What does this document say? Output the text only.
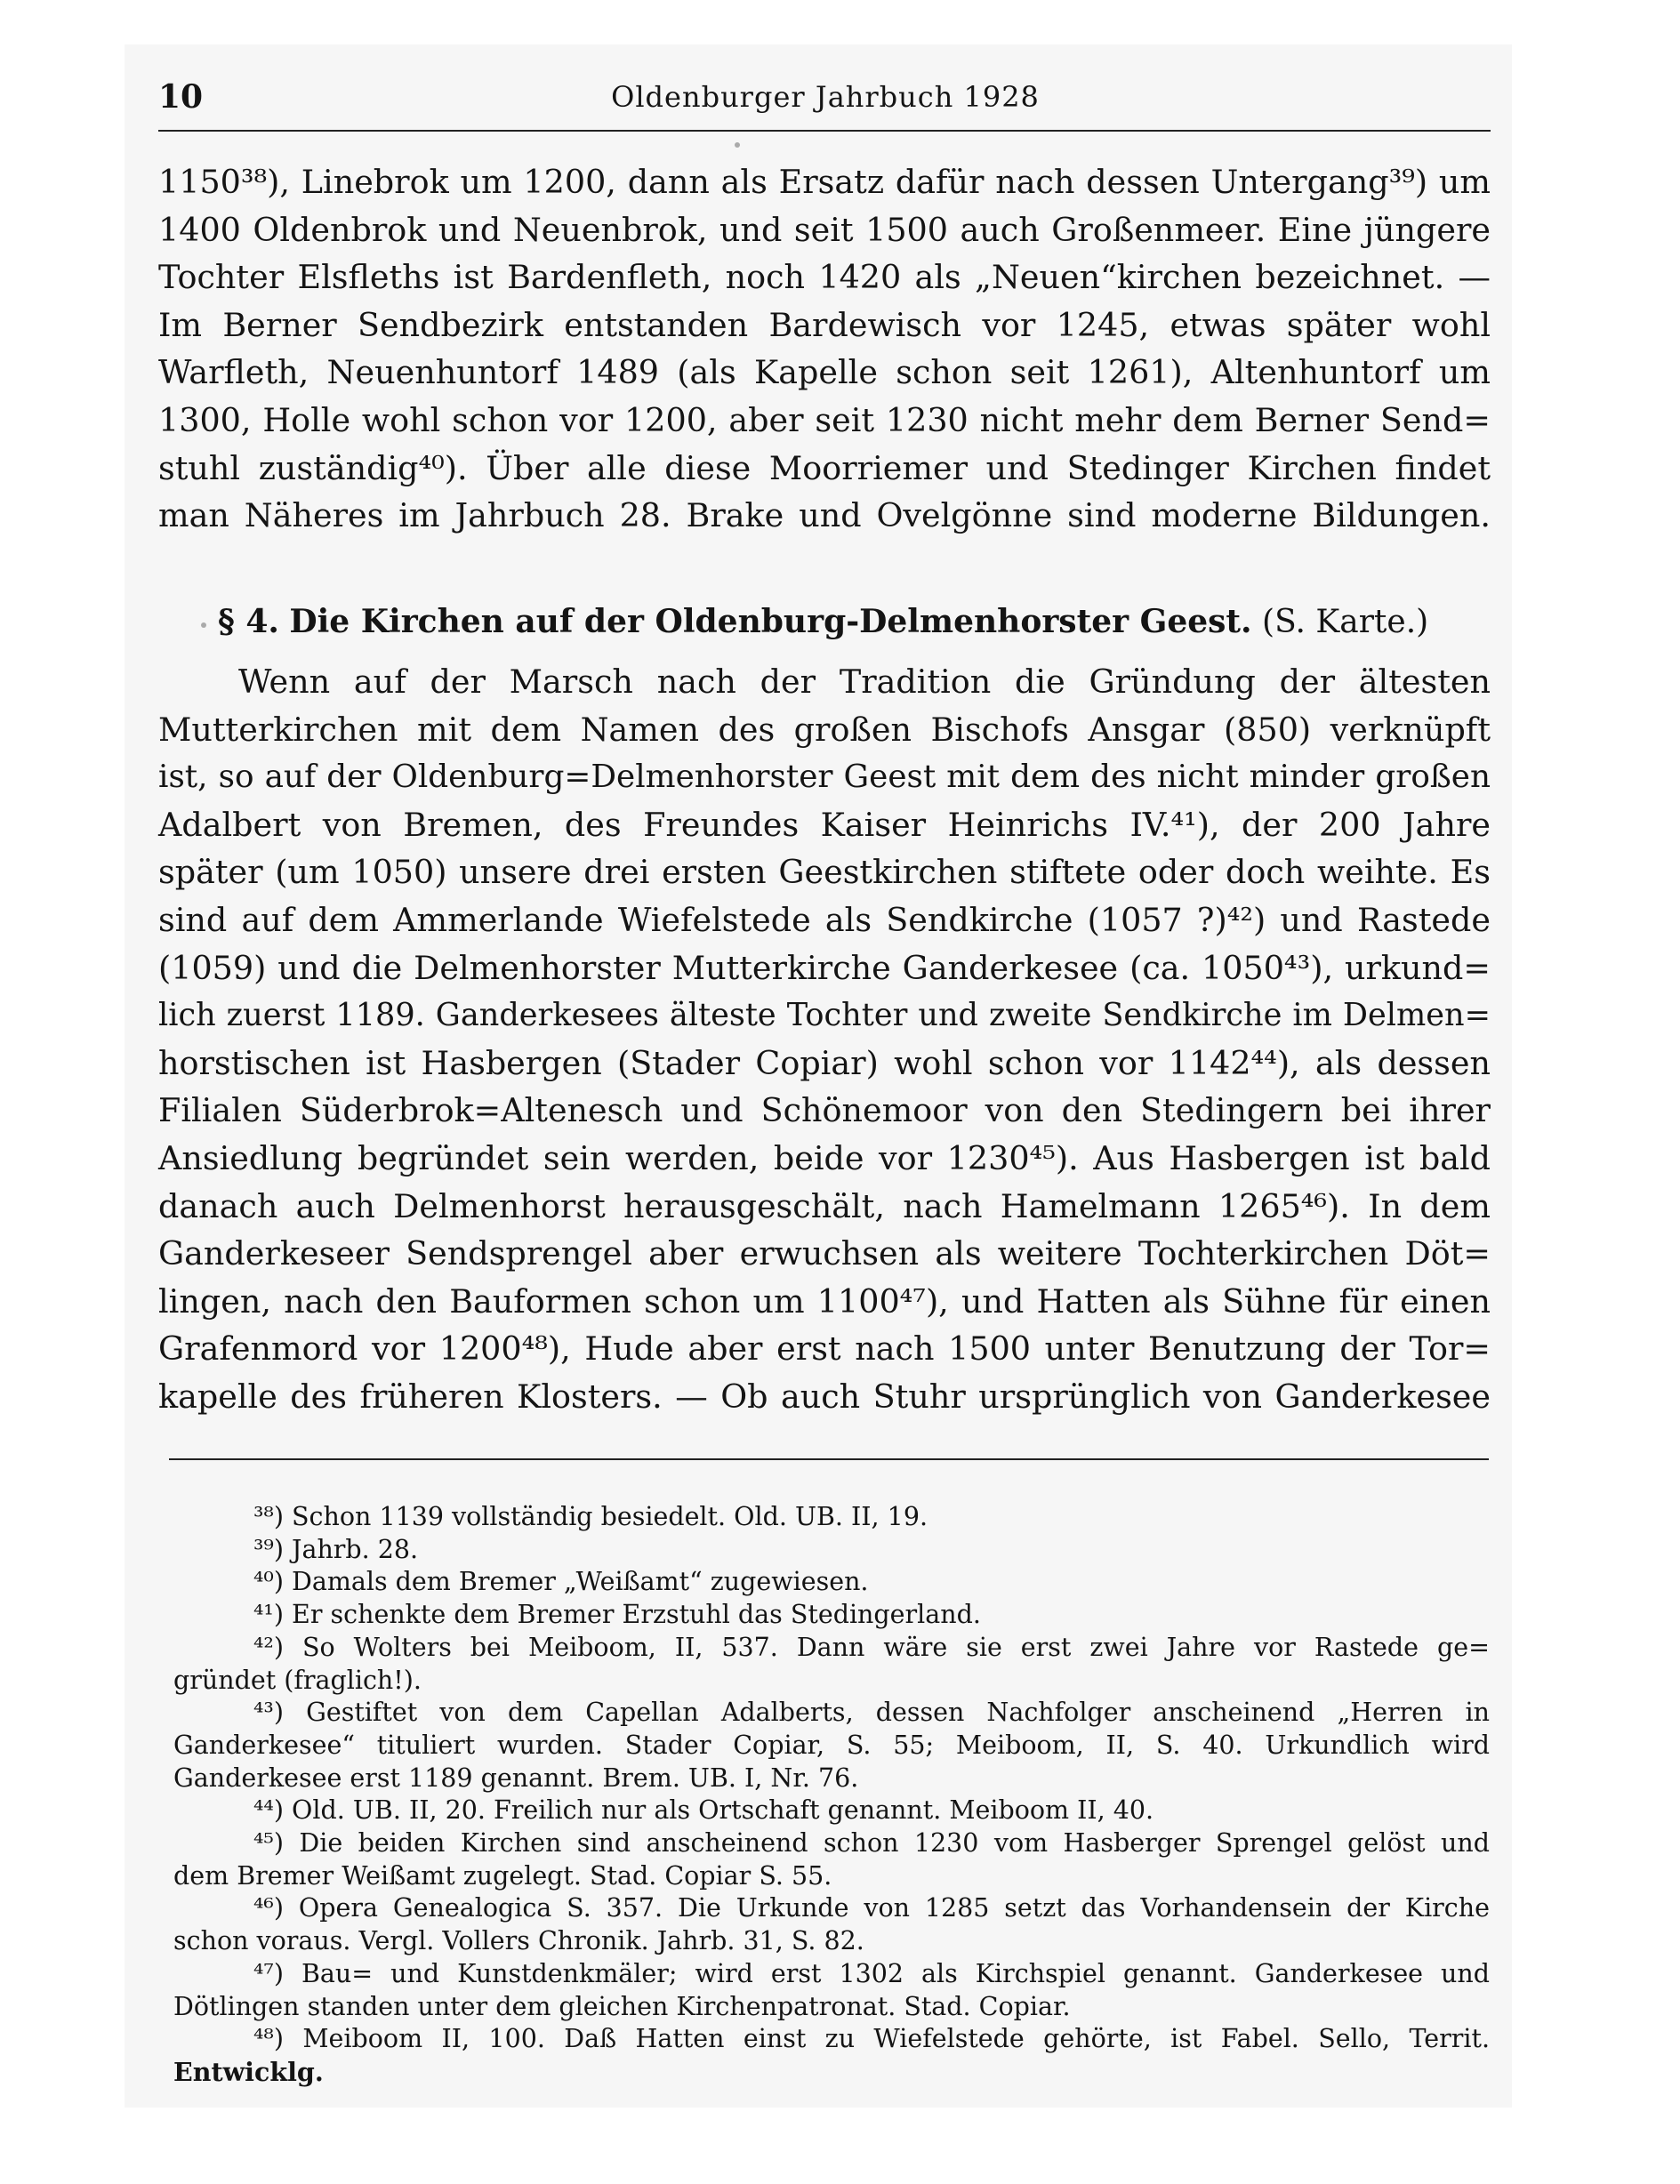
10	Oldenburger Jahrbuch 1928
1150³⁸), Linebrok um 1200, dann als Ersatz dafür nach dessen Untergang³⁹) um
1400 Oldenbrok und Neuenbrok, und seit 1500 auch Großenmeer. Eine jüngere
Tochter Elsfleths ist Bardenfleth, noch 1420 als „Neuen“kirchen bezeichnet. —
Im Berner Sendbezirk entstanden Bardewisch vor 1245, etwas später wohl
Warfleth, Neuenhuntorf 1489 (als Kapelle schon seit 1261), Altenhuntorf um
1300, Holle wohl schon vor 1200, aber seit 1230 nicht mehr dem Berner Send=
stuhl zuständig⁴⁰). Über alle diese Moorriemer und Stedinger Kirchen findet
man Näheres im Jahrbuch 28. Brake und Ovelgönne sind moderne Bildungen.
§ 4. Die Kirchen auf der Oldenburg-Delmenhorster Geest. (S. Karte.)
Wenn auf der Marsch nach der Tradition die Gründung der ältesten
Mutterkirchen mit dem Namen des großen Bischofs Ansgar (850) verknüpft
ist, so auf der Oldenburg=Delmenhorster Geest mit dem des nicht minder großen
Adalbert von Bremen, des Freundes Kaiser Heinrichs IV.⁴¹), der 200 Jahre
später (um 1050) unsere drei ersten Geestkirchen stiftete oder doch weihte. Es
sind auf dem Ammerlande Wiefelstede als Sendkirche (1057 ?)⁴²) und Rastede
(1059) und die Delmenhorster Mutterkirche Ganderkesee (ca. 1050⁴³), urkund=
lich zuerst 1189. Ganderkesees älteste Tochter und zweite Sendkirche im Delmen=
horstischen ist Hasbergen (Stader Copiar) wohl schon vor 1142⁴⁴), als dessen
Filialen Süderbrok=Altenesch und Schönemoor von den Stedingern bei ihrer
Ansiedlung begründet sein werden, beide vor 1230⁴⁵). Aus Hasbergen ist bald
danach auch Delmenhorst herausgeschält, nach Hamelmann 1265⁴⁶). In dem
Ganderkeseer Sendsprengel aber erwuchsen als weitere Tochterkirchen Döt=
lingen, nach den Bauformen schon um 1100⁴⁷), und Hatten als Sühne für einen
Grafenmord vor 1200⁴⁸), Hude aber erst nach 1500 unter Benutzung der Tor=
kapelle des früheren Klosters. — Ob auch Stuhr ursprünglich von Ganderkesee
³⁸) Schon 1139 vollständig besiedelt. Old. UB. II, 19.
³⁹) Jahrb. 28.
⁴⁰) Damals dem Bremer „Weißamt“ zugewiesen.
⁴¹) Er schenkte dem Bremer Erzstuhl das Stedingerland.
⁴²) So Wolters bei Meiboom, II, 537. Dann wäre sie erst zwei Jahre vor Rastede ge=
gründet (fraglich!).
⁴³) Gestiftet von dem Capellan Adalberts, dessen Nachfolger anscheinend „Herren in
Ganderkesee“ tituliert wurden. Stader Copiar, S. 55; Meiboom, II, S. 40. Urkundlich wird
Ganderkesee erst 1189 genannt. Brem. UB. I, Nr. 76.
⁴⁴) Old. UB. II, 20. Freilich nur als Ortschaft genannt. Meiboom II, 40.
⁴⁵) Die beiden Kirchen sind anscheinend schon 1230 vom Hasberger Sprengel gelöst und
dem Bremer Weißamt zugelegt. Stad. Copiar S. 55.
⁴⁶) Opera Genealogica S. 357. Die Urkunde von 1285 setzt das Vorhandensein der Kirche
schon voraus. Vergl. Vollers Chronik. Jahrb. 31, S. 82.
⁴⁷) Bau= und Kunstdenkmäler; wird erst 1302 als Kirchspiel genannt. Ganderkesee und
Dötlingen standen unter dem gleichen Kirchenpatronat. Stad. Copiar.
⁴⁸) Meiboom II, 100. Daß Hatten einst zu Wiefelstede gehörte, ist Fabel. Sello, Territ.
Entwicklg.
